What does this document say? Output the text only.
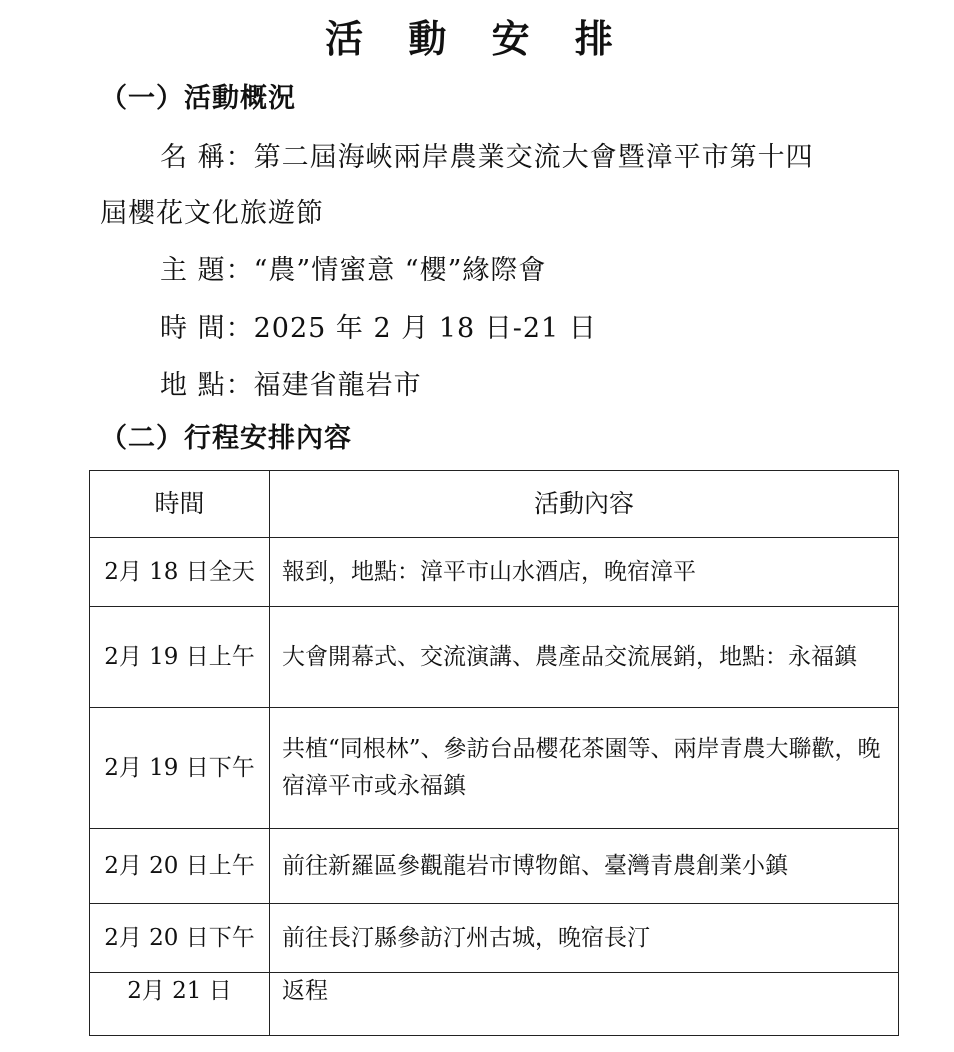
活 動 安 排
（一）活動概況
名 稱：第二屆海峽兩岸農業交流大會暨漳平市第十四
屆櫻花文化旅遊節
主 題：“農”情蜜意 “櫻”緣際會
時 間：2025 年 2 月 18 日-21 日
地 點：福建省龍岩市
（二）行程安排內容
時間	活動內容
2月 18 日全天	報到，地點：漳平市山水酒店，晚宿漳平
2月 19 日上午	大會開幕式、交流演講、農產品交流展銷，地點：永福鎮
2月 19 日下午	共植“同根林”、參訪台品櫻花茶園等、兩岸青農大聯歡，晚宿漳平市或永福鎮
2月 20 日上午	前往新羅區參觀龍岩市博物館、臺灣青農創業小鎮
2月 20 日下午	前往長汀縣參訪汀州古城，晚宿長汀
2月 21 日	返程
